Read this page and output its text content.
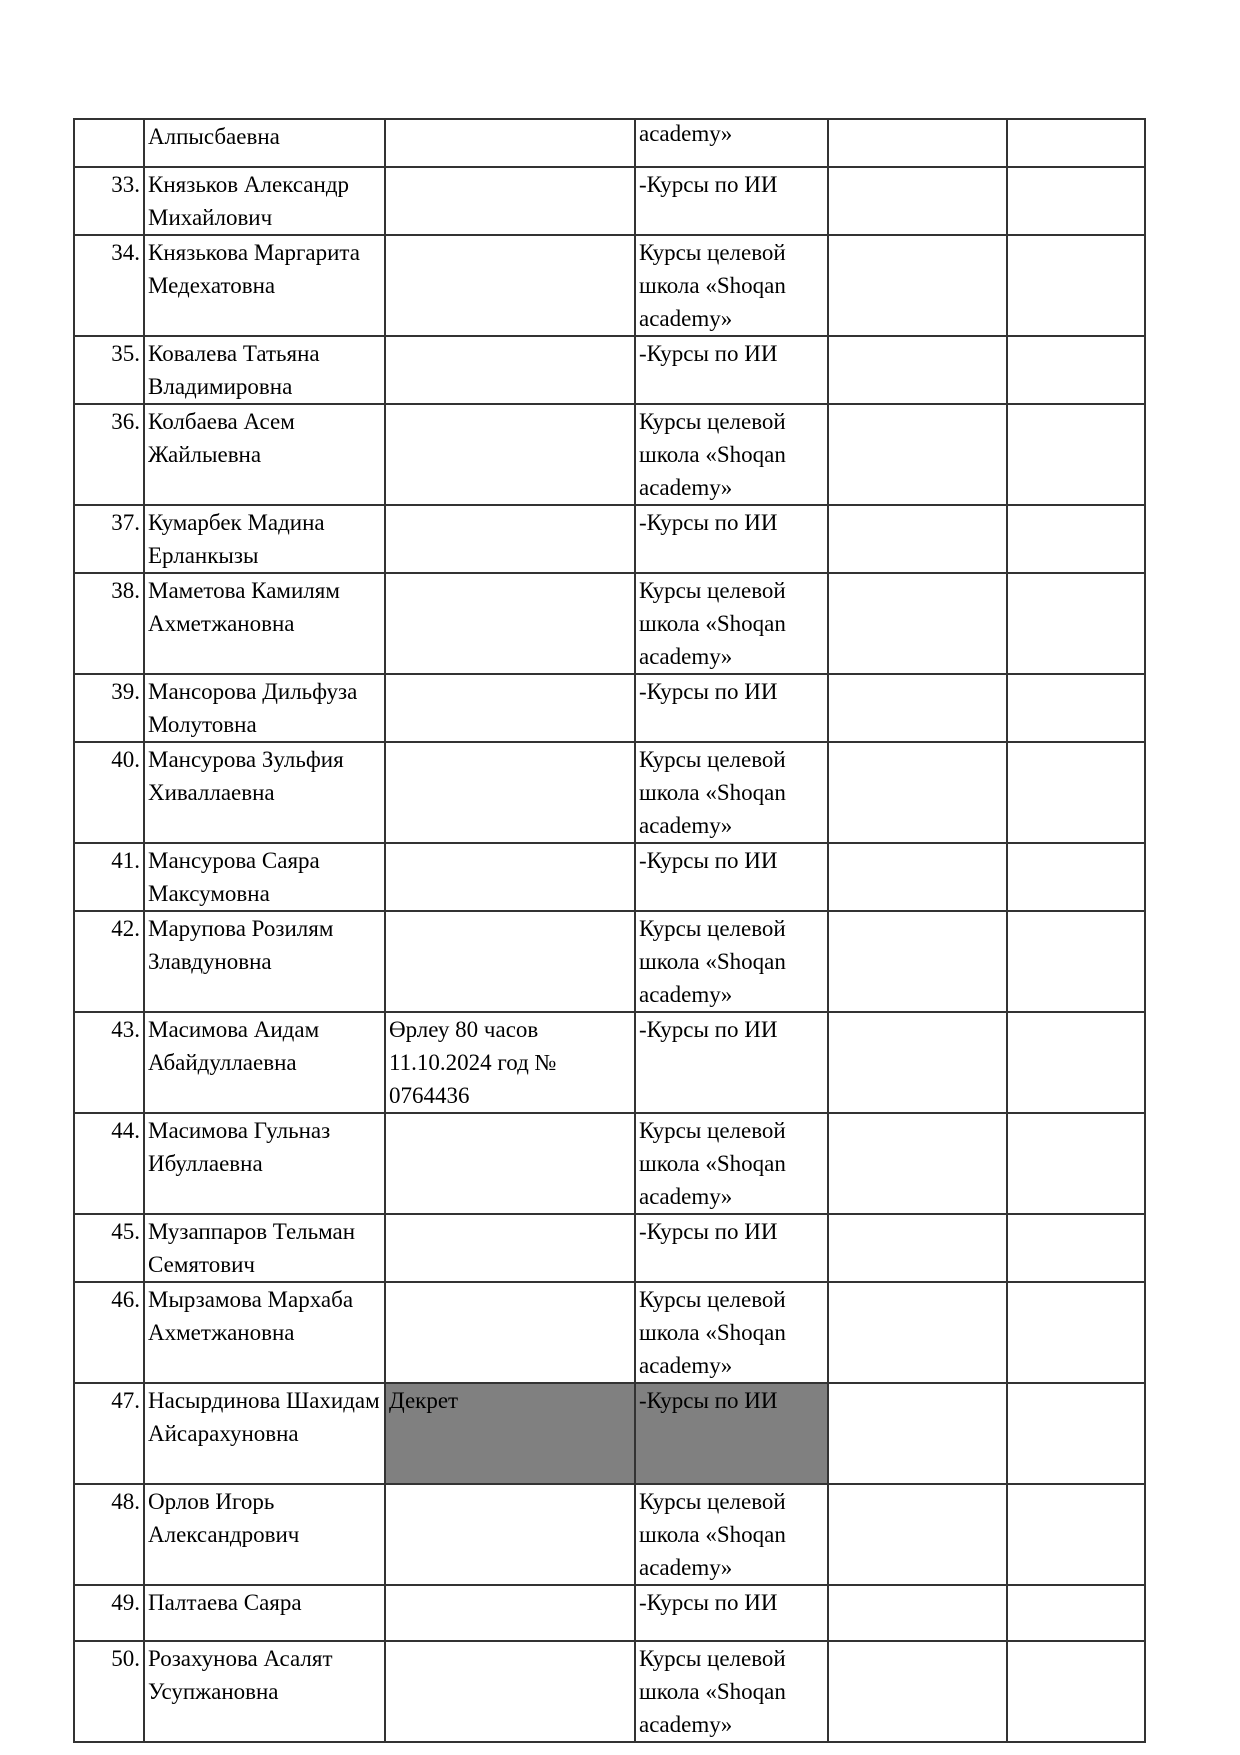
	Алпысбаевна		academy»		
33.	Князьков Александр Михайлович		-Курсы по ИИ		
34.	Князькова Маргарита Медехатовна		Курсы целевой школа «Shoqan academy»		
35.	Ковалева Татьяна Владимировна		-Курсы по ИИ		
36.	Колбаева Асем Жайлыевна		Курсы целевой школа «Shoqan academy»		
37.	Кумарбек Мадина Ерланкызы		-Курсы по ИИ		
38.	Маметова Камилям Ахметжановна		Курсы целевой школа «Shoqan academy»		
39.	Мансорова Дильфуза Молутовна		-Курсы по ИИ		
40.	Мансурова Зульфия Хиваллаевна		Курсы целевой школа «Shoqan academy»		
41.	Мансурова Саяра Максумовна		-Курсы по ИИ		
42.	Марупова Розилям Злавдуновна		Курсы целевой школа «Shoqan academy»		
43.	Масимова Аидам Абайдуллаевна	Өрлеу 80 часов 11.10.2024 год № 0764436	-Курсы по ИИ		
44.	Масимова Гульназ Ибуллаевна		Курсы целевой школа «Shoqan academy»		
45.	Музаппаров Тельман Семятович		-Курсы по ИИ		
46.	Мырзамова Мархаба Ахметжановна		Курсы целевой школа «Shoqan academy»		
47.	Насырдинова Шахидам Айсарахуновна	Декрет	-Курсы по ИИ		
48.	Орлов Игорь Александрович		Курсы целевой школа «Shoqan academy»		
49.	Палтаева Саяра		-Курсы по ИИ		
50.	Розахунова Асалят Усупжановна		Курсы целевой школа «Shoqan academy»		
